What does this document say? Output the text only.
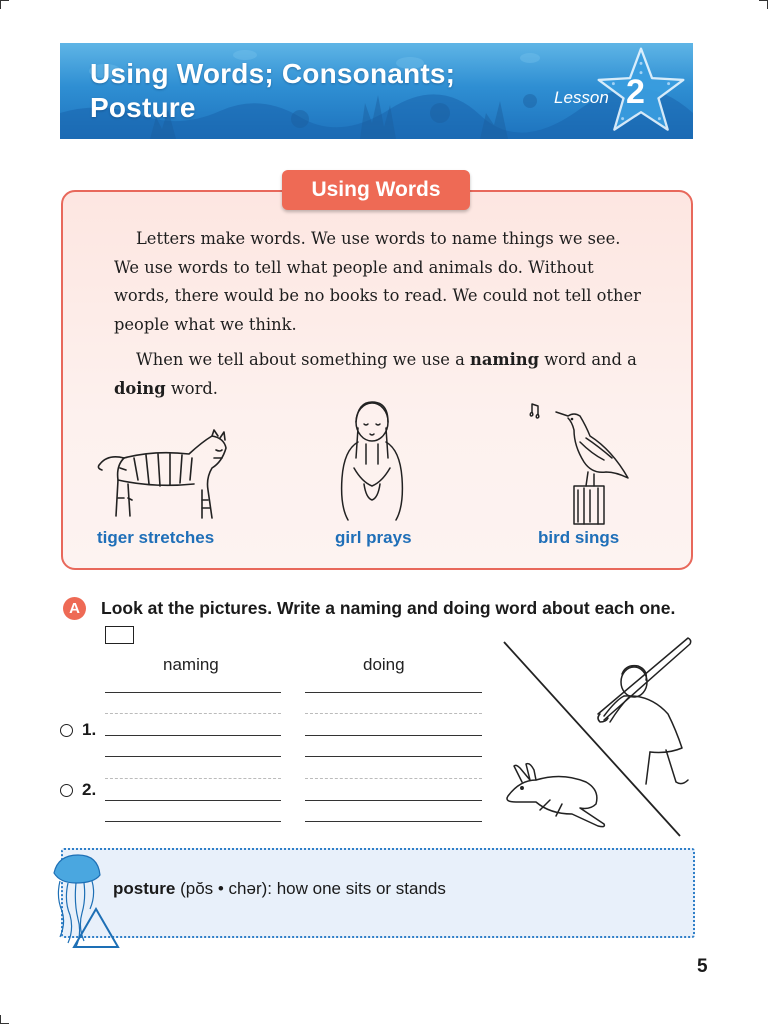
Using Words; Consonants;
Posture	Lesson 2
Using Words
Letters make words. We use words to name things we see. We use words to tell what people and animals do. Without words, there would be no books to read. We could not tell other people what we think.
When we tell about something we use a naming word and a doing word.
tiger stretches	girl prays	bird sings
A	Look at the pictures. Write a naming and doing word about each one.
naming	doing
1.
2.
posture (pŏs • chər): how one sits or stands
5
